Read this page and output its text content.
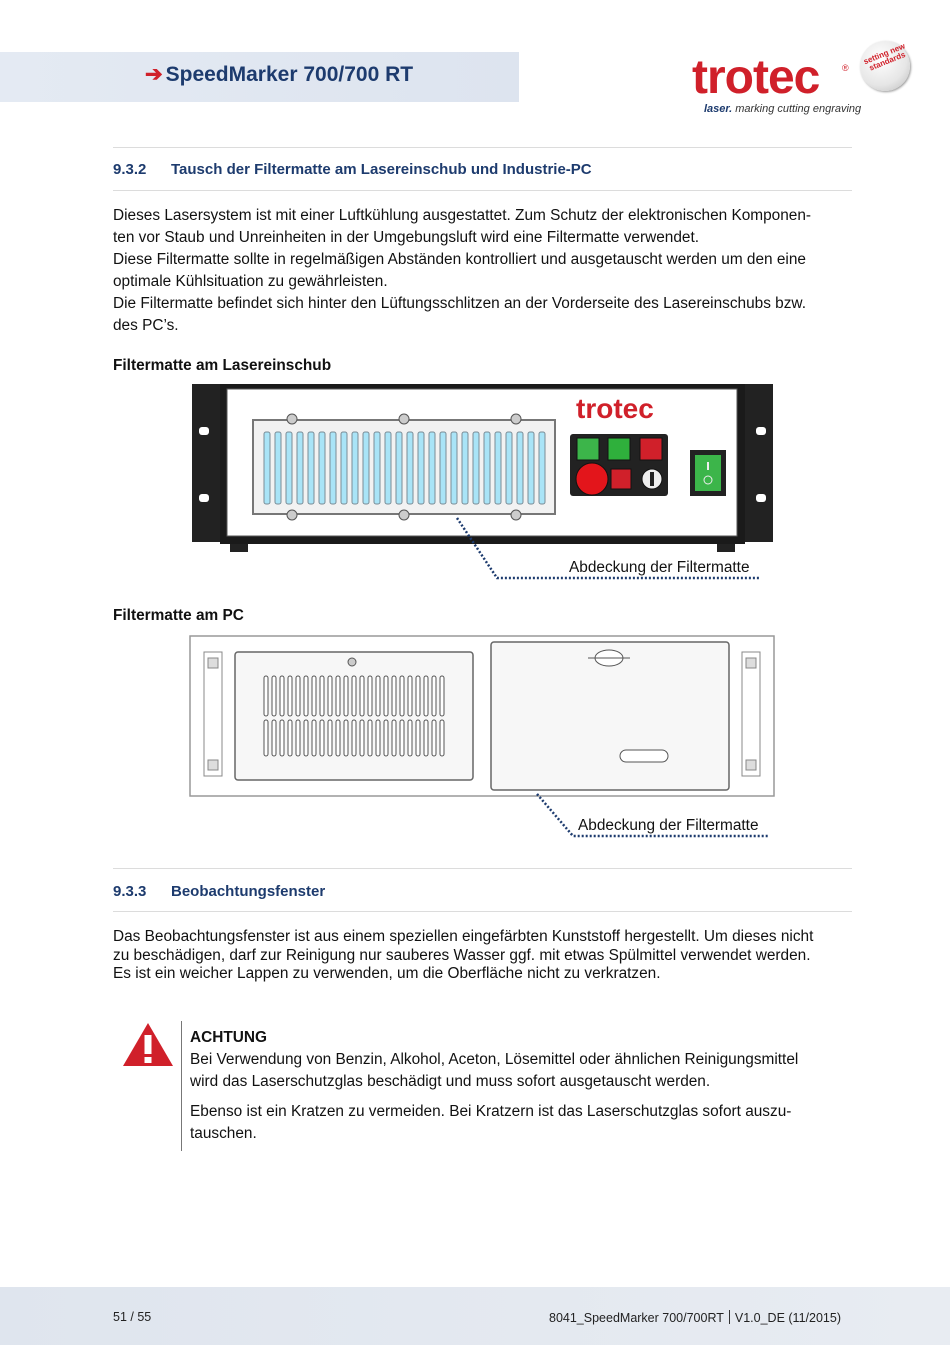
➔ SpeedMarker 700/700 RT	trotec	®
laser. marking cutting engraving
setting new standards
9.3.2 Tausch der Filtermatte am Lasereinschub und Industrie-PC
Dieses Lasersystem ist mit einer Luftkühlung ausgestattet. Zum Schutz der elektronischen Komponen-
ten vor Staub und Unreinheiten in der Umgebungsluft wird eine Filtermatte verwendet.
Diese Filtermatte sollte in regelmäßigen Abständen kontrolliert und ausgetauscht werden um den eine
optimale Kühlsituation zu gewährleisten.
Die Filtermatte befindet sich hinter den Lüftungsschlitzen an der Vorderseite des Lasereinschubs bzw.
des PC’s.
Filtermatte am Lasereinschub
trotec
Abdeckung der Filtermatte
Filtermatte am PC
Abdeckung der Filtermatte
9.3.3 Beobachtungsfenster
Das Beobachtungsfenster ist aus einem speziellen eingefärbten Kunststoff hergestellt. Um dieses nicht
zu beschädigen, darf zur Reinigung nur sauberes Wasser ggf. mit etwas Spülmittel verwendet werden.
Es ist ein weicher Lappen zu verwenden, um die Oberfläche nicht zu verkratzen.
ACHTUNG
Bei Verwendung von Benzin, Alkohol, Aceton, Lösemittel oder ähnlichen Reinigungsmittel
wird das Laserschutzglas beschädigt und muss sofort ausgetauscht werden.
Ebenso ist ein Kratzen zu vermeiden. Bei Kratzern ist das Laserschutzglas sofort auszu-
tauschen.
51 / 55	8041_SpeedMarker 700/700RT V1.0_DE (11/2015)
